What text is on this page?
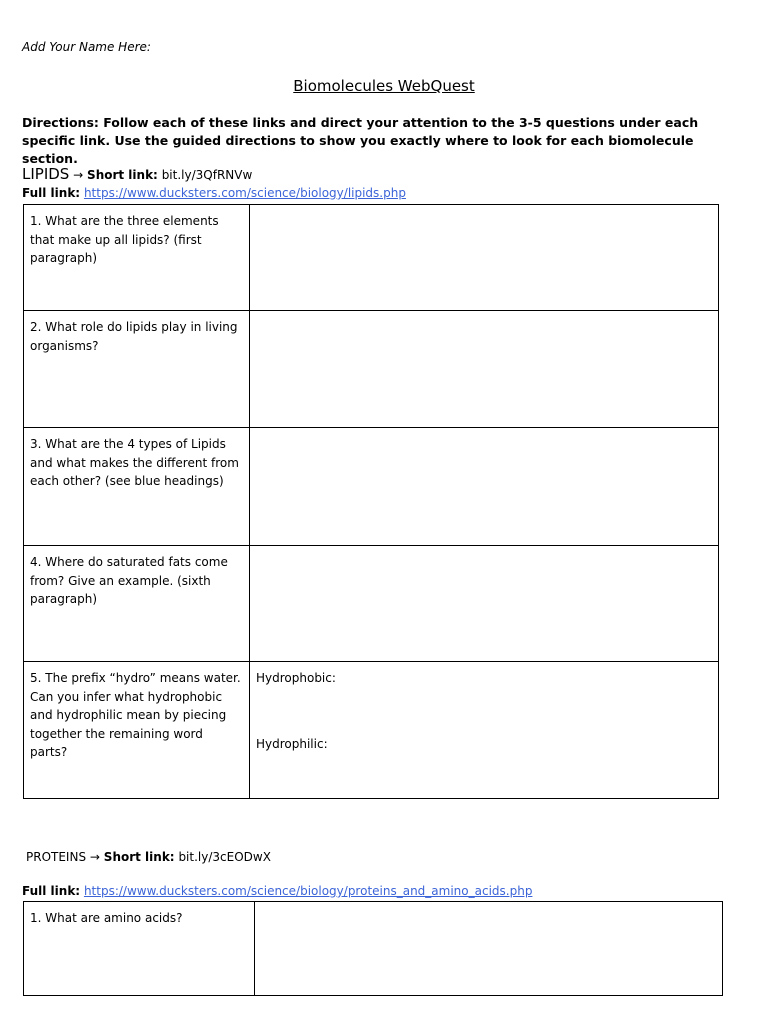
Add Your Name Here:
Biomolecules WebQuest
Directions: Follow each of these links and direct your attention to the 3-5 questions under each specific link. Use the guided directions to show you exactly where to look for each biomolecule section.
LIPIDS → Short link: bit.ly/3QfRNVw
Full link: https://www.ducksters.com/science/biology/lipids.php
1. What are the three elements that make up all lipids? (first paragraph)	
2. What role do lipids play in living organisms?	
3. What are the 4 types of Lipids and what makes the different from each other? (see blue headings)	
4. Where do saturated fats come from? Give an example. (sixth paragraph)	
5. The prefix “hydro” means water. Can you infer what hydrophobic and hydrophilic mean by piecing together the remaining word parts?	Hydrophobic:
Hydrophilic:
PROTEINS → Short link: bit.ly/3cEODwX
Full link: https://www.ducksters.com/science/biology/proteins_and_amino_acids.php
1. What are amino acids?	
